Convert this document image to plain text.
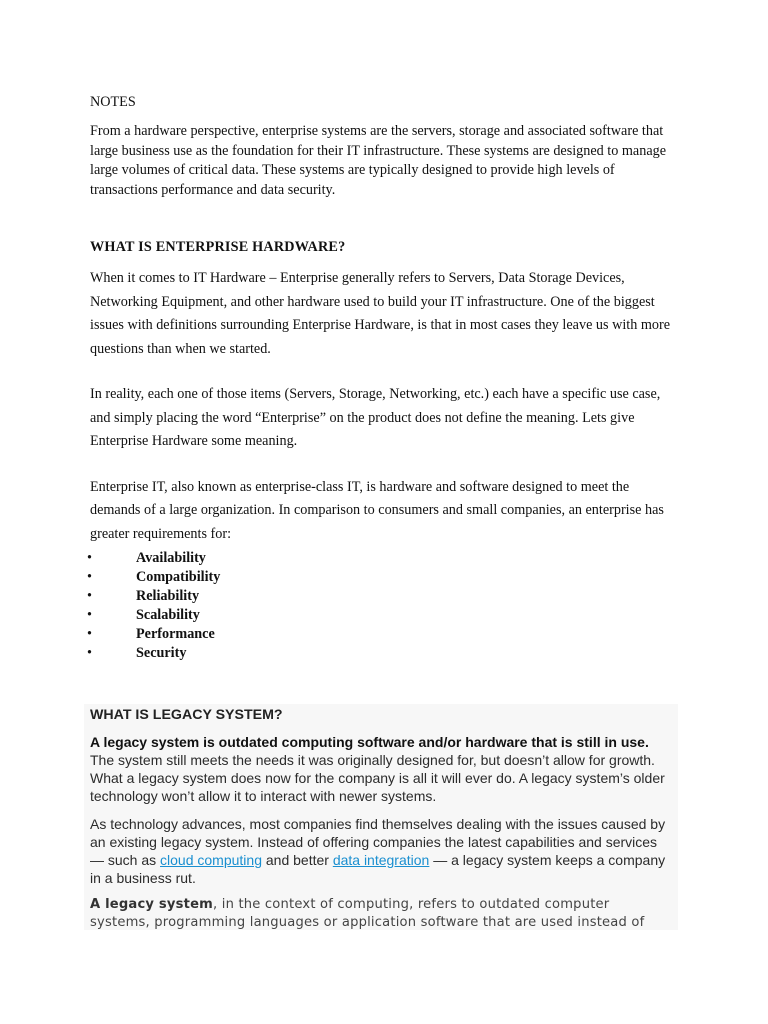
NOTES

From a hardware perspective, enterprise systems are the servers, storage and associated software that large business use as the foundation for their IT infrastructure. These systems are designed to manage large volumes of critical data. These systems are typically designed to provide high levels of transactions performance and data security.

WHAT IS ENTERPRISE HARDWARE?

When it comes to IT Hardware – Enterprise generally refers to Servers, Data Storage Devices, Networking Equipment, and other hardware used to build your IT infrastructure. One of the biggest issues with definitions surrounding Enterprise Hardware, is that in most cases they leave us with more questions than when we started.

In reality, each one of those items (Servers, Storage, Networking, etc.) each have a specific use case, and simply placing the word “Enterprise” on the product does not define the meaning. Lets give Enterprise Hardware some meaning.

Enterprise IT, also known as enterprise-class IT, is hardware and software designed to meet the demands of a large organization. In comparison to consumers and small companies, an enterprise has greater requirements for:

•	Availability
•	Compatibility
•	Reliability
•	Scalability
•	Performance
•	Security
WHAT IS LEGACY SYSTEM?

A legacy system is outdated computing software and/or hardware that is still in use. The system still meets the needs it was originally designed for, but doesn’t allow for growth. What a legacy system does now for the company is all it will ever do. A legacy system’s older technology won’t allow it to interact with newer systems.

As technology advances, most companies find themselves dealing with the issues caused by an existing legacy system. Instead of offering companies the latest capabilities and services — such as cloud computing and better data integration — a legacy system keeps a company in a business rut.

A legacy system, in the context of computing, refers to outdated computer systems, programming languages or application software that are used instead of
